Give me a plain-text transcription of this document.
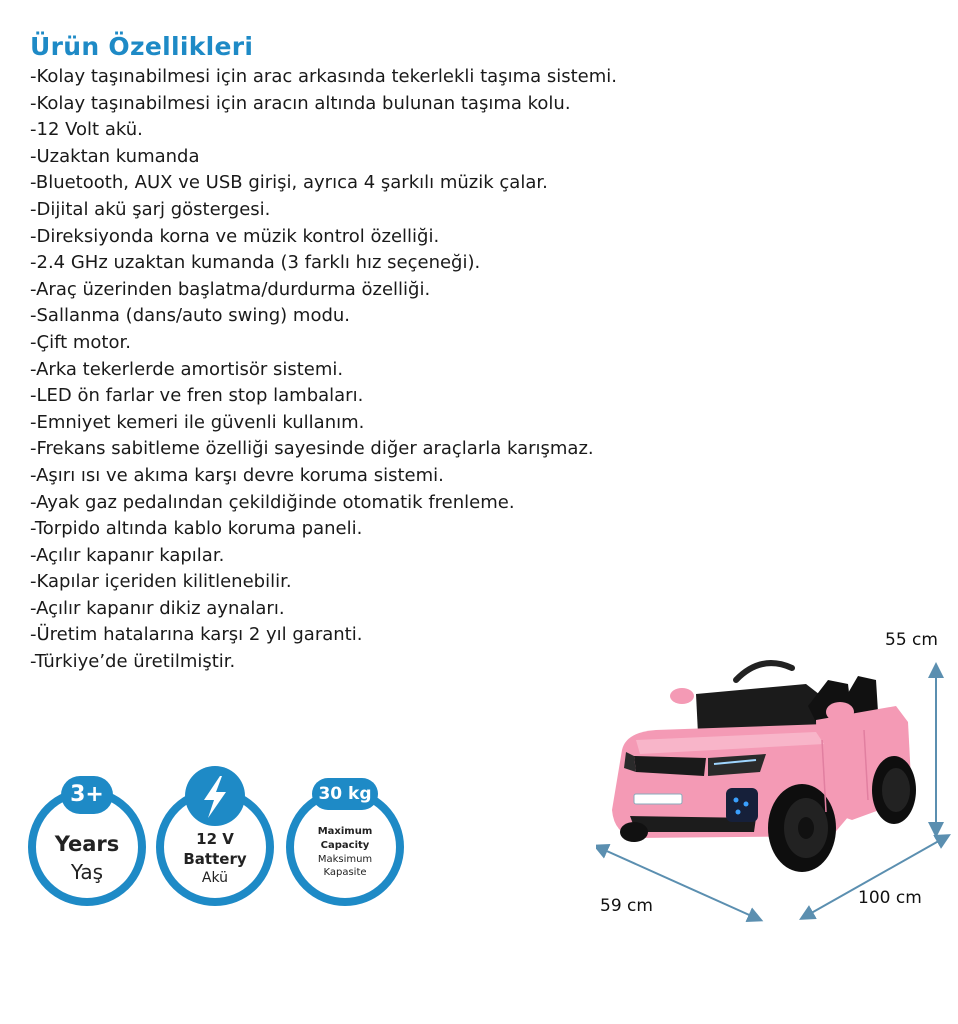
Ürün Özellikleri
-Kolay taşınabilmesi için arac arkasında tekerlekli taşıma sistemi.
-Kolay taşınabilmesi için aracın altında bulunan taşıma kolu.
-12 Volt akü.
-Uzaktan kumanda
-Bluetooth, AUX ve USB girişi, ayrıca 4 şarkılı müzik çalar.
-Dijital akü şarj göstergesi.
-Direksiyonda korna ve müzik kontrol özelliği.
-2.4 GHz uzaktan kumanda (3 farklı hız seçeneği).
-Araç üzerinden başlatma/durdurma özelliği.
-Sallanma (dans/auto swing) modu.
-Çift motor.
-Arka tekerlerde amortisör sistemi.
-LED ön farlar ve fren stop lambaları.
-Emniyet kemeri ile güvenli kullanım.
-Frekans sabitleme özelliği sayesinde diğer araçlarla karışmaz.
-Aşırı ısı ve akıma karşı devre koruma sistemi.
-Ayak gaz pedalından çekildiğinde otomatik frenleme.
-Torpido altında kablo koruma paneli.
-Açılır kapanır kapılar.
-Kapılar içeriden kilitlenebilir.
-Açılır kapanır dikiz aynaları.
-Üretim hatalarına karşı 2 yıl garanti.
-Türkiye’de üretilmiştir.
3+
Years
Yaş
12 V
Battery
Akü
30 kg
Maximum
Capacity
Maksimum
Kapasite
55 cm
59 cm	100 cm
